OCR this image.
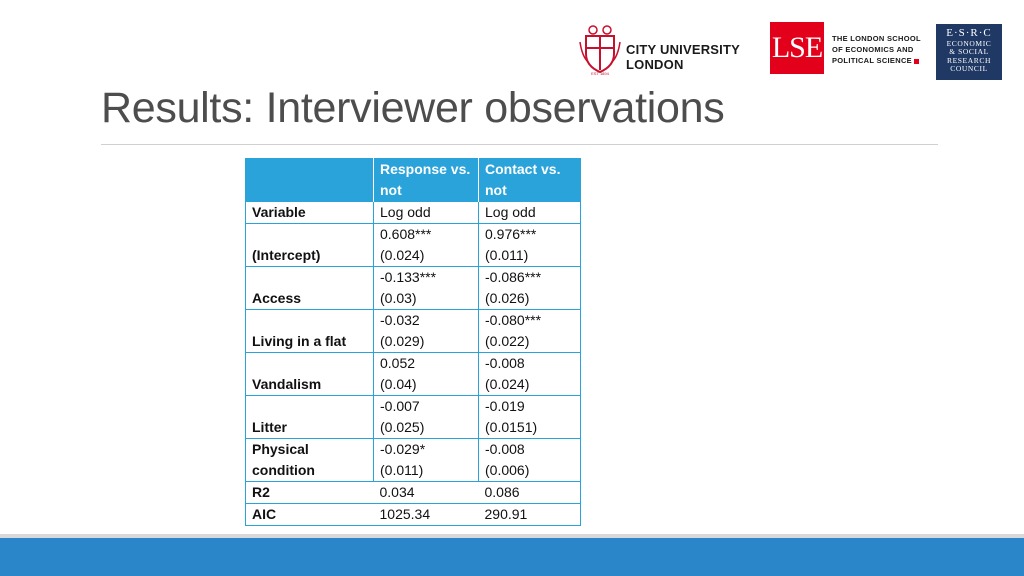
EST 1894
CITY UNIVERSITY
LONDON
LSE THE LONDON SCHOOL
OF ECONOMICS AND
POLITICAL SCIENCE
E·S·R·C
ECONOMIC
& SOCIAL
RESEARCH
COUNCIL
Results: Interviewer observations
	Response vs. not	Contact vs. not
Variable	Log odd	Log odd
(Intercept)	0.608***	0.976***
	(0.024)	(0.011)
Access	-0.133***	-0.086***
	(0.03)	(0.026)
Living in a flat	-0.032	-0.080***
	(0.029)	(0.022)
Vandalism	0.052	-0.008
	(0.04)	(0.024)
Litter	-0.007	-0.019
	(0.025)	(0.0151)
Physical	-0.029*	-0.008
condition	(0.011)	(0.006)
R2	0.034	0.086
AIC	1025.34	290.91
